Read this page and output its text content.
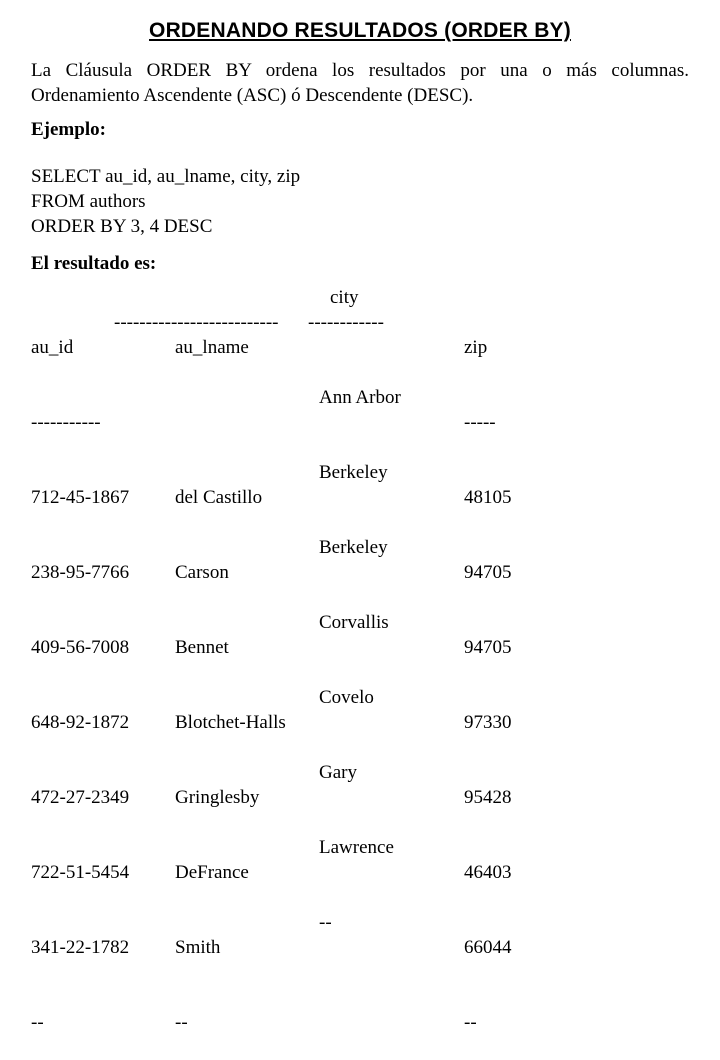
ORDENANDO RESULTADOS (ORDER BY)
La Cláusula ORDER BY ordena los resultados por una o más columnas.
Ordenamiento Ascendente (ASC) ó Descendente (DESC).
Ejemplo:
SELECT au_id, au_lname, city, zip
FROM authors
ORDER BY 3, 4 DESC
El resultado es:

au_id

-----------

712-45-1867

238-95-7766

409-56-7008

648-92-1872

472-27-2349

722-51-5454

341-22-1782

--

--------------------------

au_lname

del Castillo

Carson

Bennet

Blotchet-Halls

Gringlesby

DeFrance

Smith

--

city
------------

Ann Arbor

Berkeley

Berkeley

Corvallis

Covelo

Gary

Lawrence

--

zip

-----

48105

94705

94705

97330

95428

46403

66044

--
